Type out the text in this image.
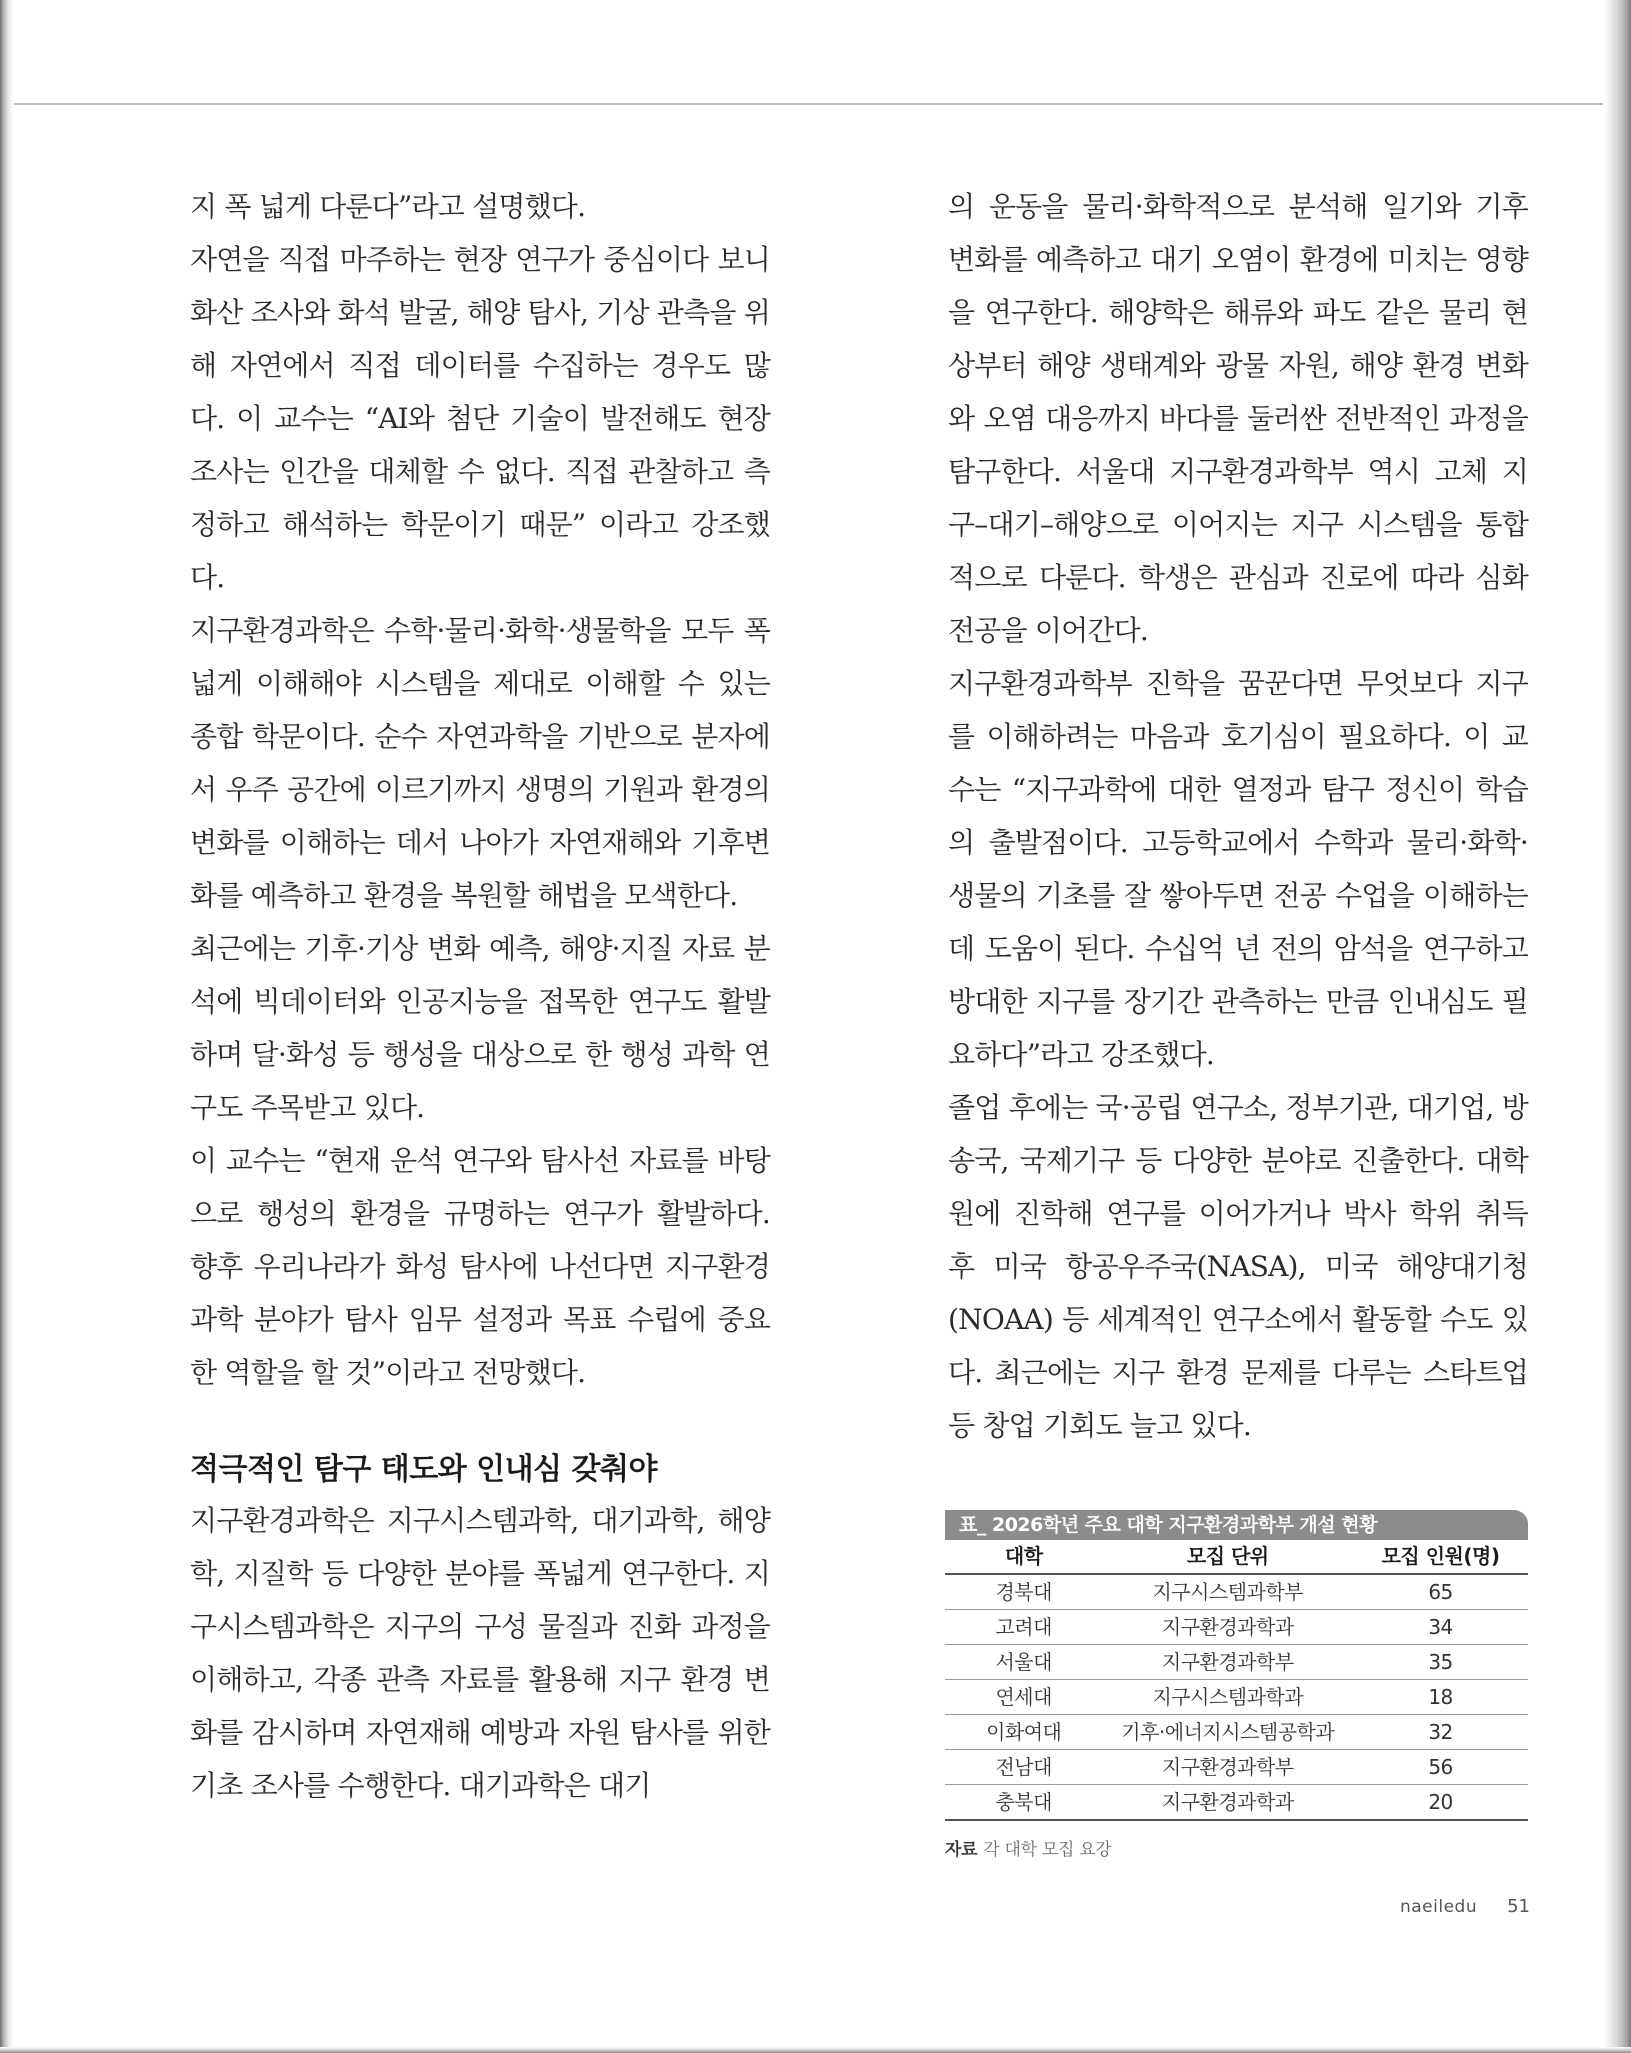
지 폭 넓게 다룬다”라고 설명했다.

자연을 직접 마주하는 현장 연구가 중심이다 보니 화산 조사와 화석 발굴, 해양 탐사, 기상 관측을 위해 자연에서 직접 데이터를 수집하는 경우도 많다. 이 교수는 “AI와 첨단 기술이 발전해도 현장 조사는 인간을 대체할 수 없다. 직접 관찰하고 측정하고 해석하는 학문이기 때문” 이라고 강조했다.

지구환경과학은 수학·물리·화학·생물학을 모두 폭넓게 이해해야 시스템을 제대로 이해할 수 있는 종합 학문이다. 순수 자연과학을 기반으로 분자에서 우주 공간에 이르기까지 생명의 기원과 환경의 변화를 이해하는 데서 나아가 자연재해와 기후변화를 예측하고 환경을 복원할 해법을 모색한다.

최근에는 기후·기상 변화 예측, 해양·지질 자료 분석에 빅데이터와 인공지능을 접목한 연구도 활발하며 달·화성 등 행성을 대상으로 한 행성 과학 연구도 주목받고 있다.

이 교수는 “현재 운석 연구와 탐사선 자료를 바탕으로 행성의 환경을 규명하는 연구가 활발하다. 향후 우리나라가 화성 탐사에 나선다면 지구환경과학 분야가 탐사 임무 설정과 목표 수립에 중요한 역할을 할 것”이라고 전망했다.

적극적인 탐구 태도와 인내심 갖춰야

지구환경과학은 지구시스템과학, 대기과학, 해양학, 지질학 등 다양한 분야를 폭넓게 연구한다. 지구시스템과학은 지구의 구성 물질과 진화 과정을 이해하고, 각종 관측 자료를 활용해 지구 환경 변화를 감시하며 자연재해 예방과 자원 탐사를 위한 기초 조사를 수행한다. 대기과학은 대기

의 운동을 물리·화학적으로 분석해 일기와 기후 변화를 예측하고 대기 오염이 환경에 미치는 영향을 연구한다. 해양학은 해류와 파도 같은 물리 현상부터 해양 생태계와 광물 자원, 해양 환경 변화와 오염 대응까지 바다를 둘러싼 전반적인 과정을 탐구한다. 서울대 지구환경과학부 역시 고체 지구–대기–해양으로 이어지는 지구 시스템을 통합적으로 다룬다. 학생은 관심과 진로에 따라 심화 전공을 이어간다.

지구환경과학부 진학을 꿈꾼다면 무엇보다 지구를 이해하려는 마음과 호기심이 필요하다. 이 교수는 “지구과학에 대한 열정과 탐구 정신이 학습의 출발점이다. 고등학교에서 수학과 물리·화학·생물의 기초를 잘 쌓아두면 전공 수업을 이해하는 데 도움이 된다. 수십억 년 전의 암석을 연구하고 방대한 지구를 장기간 관측하는 만큼 인내심도 필요하다”라고 강조했다.

졸업 후에는 국·공립 연구소, 정부기관, 대기업, 방송국, 국제기구 등 다양한 분야로 진출한다. 대학원에 진학해 연구를 이어가거나 박사 학위 취득 후 미국 항공우주국(NASA), 미국 해양대기청(NOAA) 등 세계적인 연구소에서 활동할 수도 있다. 최근에는 지구 환경 문제를 다루는 스타트업 등 창업 기회도 늘고 있다.

표_ 2026학년 주요 대학 지구환경과학부 개설 현황
대학	모집 단위	모집 인원(명)
경북대	지구시스템과학부	65
고려대	지구환경과학과	34
서울대	지구환경과학부	35
연세대	지구시스템과학과	18
이화여대	기후·에너지시스템공학과	32
전남대	지구환경과학부	56
충북대	지구환경과학과	20
자료 각 대학 모집 요강
naeiledu 51
